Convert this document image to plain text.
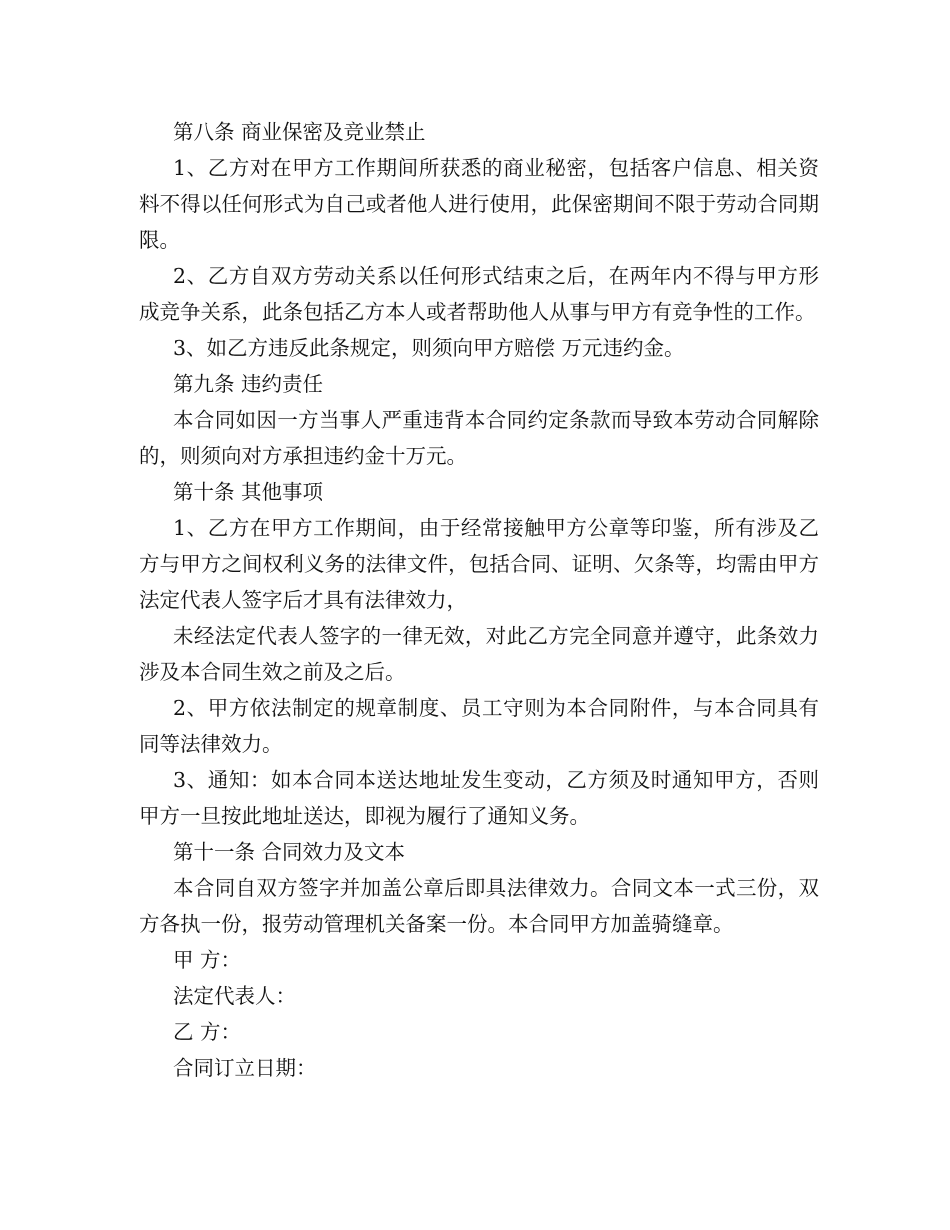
第八条 商业保密及竞业禁止

1、乙方对在甲方工作期间所获悉的商业秘密，包括客户信息、相关资料不得以任何形式为自己或者他人进行使用，此保密期间不限于劳动合同期限。

2、乙方自双方劳动关系以任何形式结束之后，在两年内不得与甲方形成竞争关系，此条包括乙方本人或者帮助他人从事与甲方有竞争性的工作。

3、如乙方违反此条规定，则须向甲方赔偿 万元违约金。

第九条 违约责任

本合同如因一方当事人严重违背本合同约定条款而导致本劳动合同解除的，则须向对方承担违约金十万元。

第十条 其他事项

1、乙方在甲方工作期间，由于经常接触甲方公章等印鉴，所有涉及乙方与甲方之间权利义务的法律文件，包括合同、证明、欠条等，均需由甲方法定代表人签字后才具有法律效力，

未经法定代表人签字的一律无效，对此乙方完全同意并遵守，此条效力涉及本合同生效之前及之后。

2、甲方依法制定的规章制度、员工守则为本合同附件，与本合同具有同等法律效力。

3、通知：如本合同本送达地址发生变动，乙方须及时通知甲方，否则甲方一旦按此地址送达，即视为履行了通知义务。

第十一条 合同效力及文本

本合同自双方签字并加盖公章后即具法律效力。合同文本一式三份，双方各执一份，报劳动管理机关备案一份。本合同甲方加盖骑缝章。

甲 方：

法定代表人：

乙 方：

合同订立日期：
